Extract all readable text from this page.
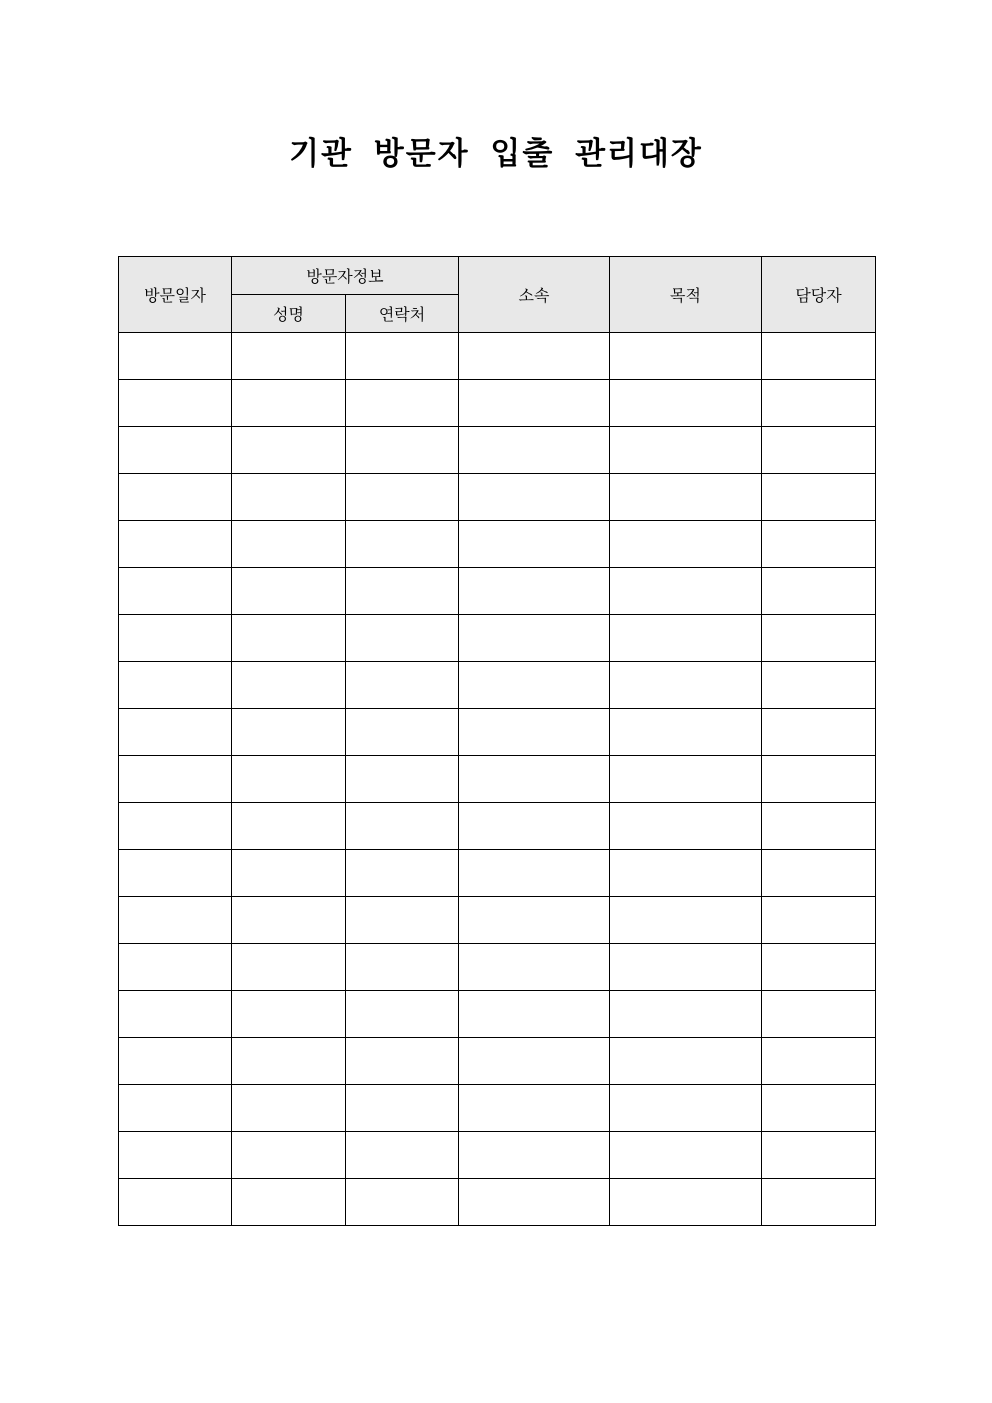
기관 방문자 입출 관리대장
방문일자	방문자정보		소속	목적	담당자
	성명	연락처			
